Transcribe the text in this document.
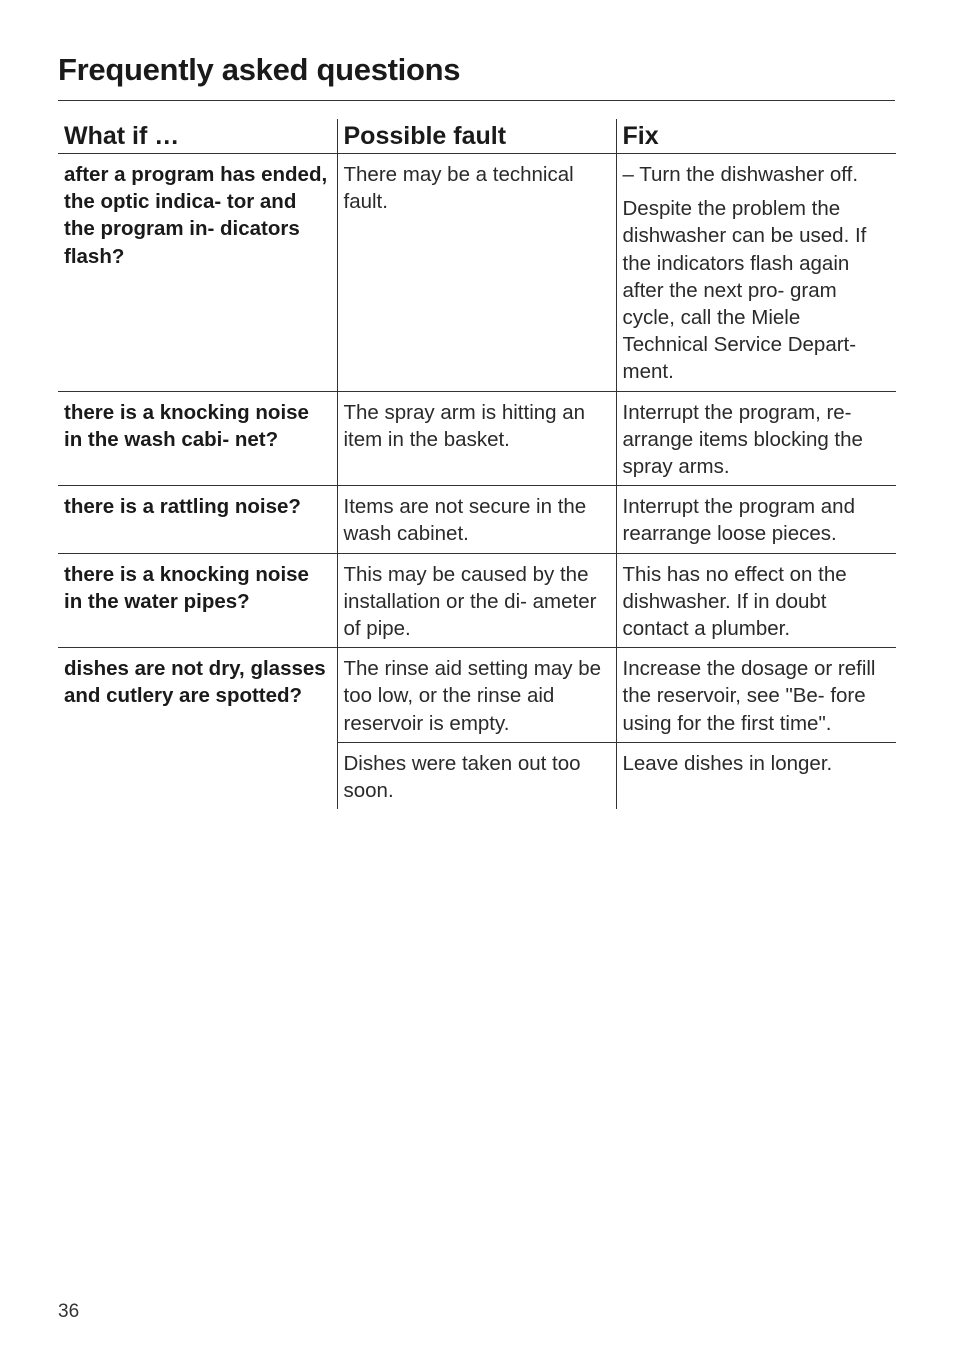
Frequently asked questions
What if …	Possible fault	Fix
after a program has ended, the optic indica- tor and the program in- dicators flash?	There may be a technical fault.	– Turn the dishwasher off.
Despite the problem the dishwasher can be used. If the indicators flash again after the next pro- gram cycle, call the Miele Technical Service Depart- ment.
there is a knocking noise in the wash cabi- net?	The spray arm is hitting an item in the basket.	Interrupt the program, re- arrange items blocking the spray arms.
there is a rattling noise?	Items are not secure in the wash cabinet.	Interrupt the program and rearrange loose pieces.
there is a knocking noise in the water pipes?	This may be caused by the installation or the di- ameter of pipe.	This has no effect on the dishwasher. If in doubt contact a plumber.
dishes are not dry, glasses and cutlery are spotted?	The rinse aid setting may be too low, or the rinse aid reservoir is empty.	Increase the dosage or refill the reservoir, see "Be- fore using for the first time".
	Dishes were taken out too soon.	Leave dishes in longer.
36
